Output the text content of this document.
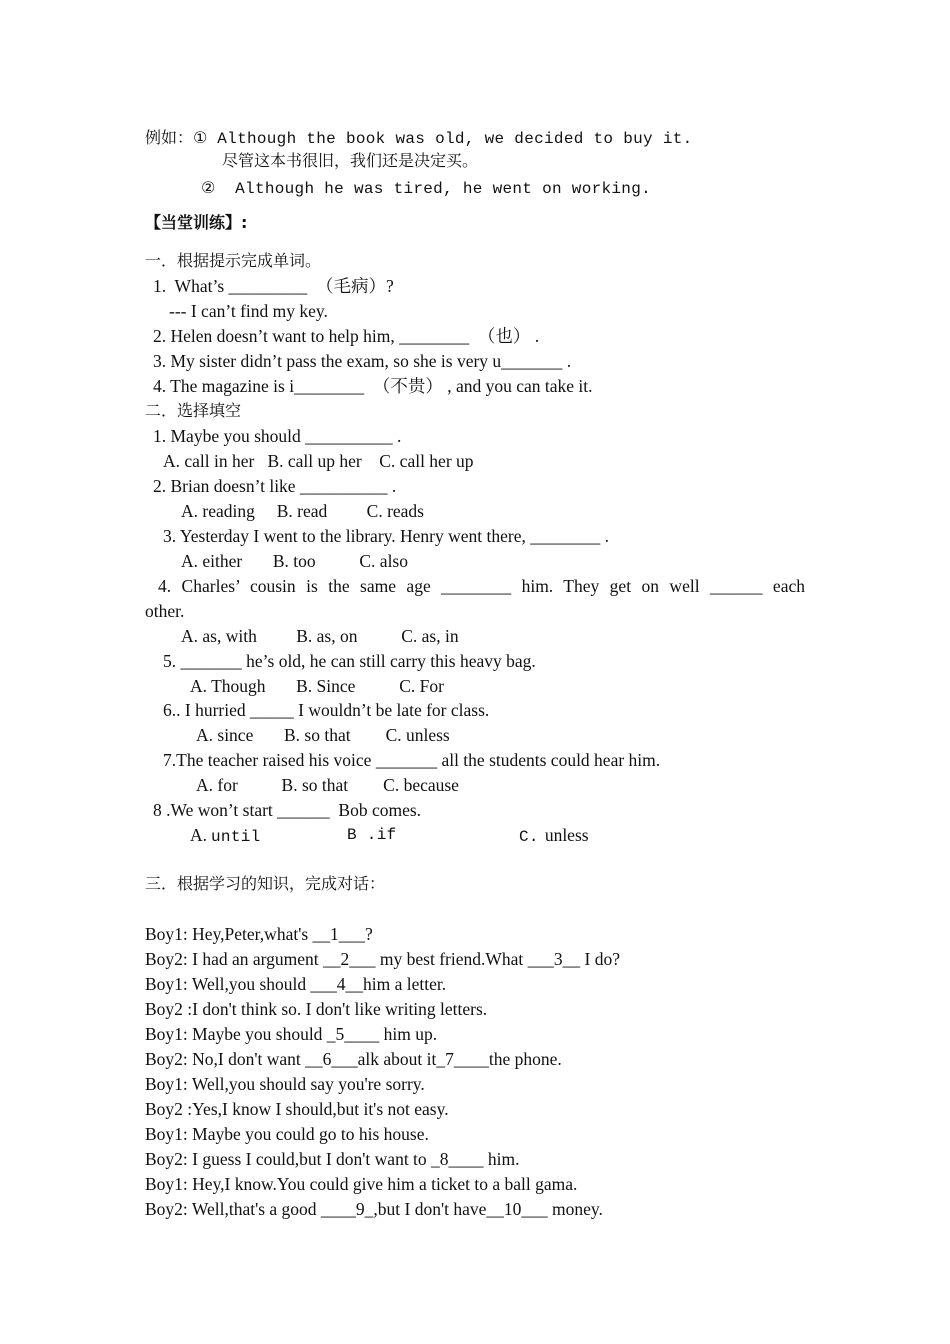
例如：① Although the book was old, we decided to buy it.
尽管这本书很旧，我们还是决定买。
②  Although he was tired, he went on working.
【当堂训练】:
一．根据提示完成单词。
1.  What’s _________  （毛病）?
--- I can’t find my key.
2. Helen doesn’t want to help him, ________  （也） .
3. My sister didn’t pass the exam, so she is very u_______ .
4. The magazine is i________  （不贵） , and you can take it.
二．选择填空
1. Maybe you should __________ .
A. call in her   B. call up her    C. call her up
2. Brian doesn’t like __________ .
A. reading     B. read         C. reads
3. Yesterday I went to the library. Henry went there, ________ .
A. either       B. too          C. also
4. Charles’ cousin is the same age ________ him. They get on well ______ each
other.
A. as, with         B. as, on          C. as, in
5. _______ he’s old, he can still carry this heavy bag.
A. Though       B. Since          C. For
6.. I hurried _____ I wouldn’t be late for class.
A. since       B. so that        C. unless
7.The teacher raised his voice _______ all the students could hear him.
A. for          B. so that        C. because
8 .We won’t start ______  Bob comes.
A. until	B .if	C. unless
三．根据学习的知识，完成对话：
Boy1: Hey,Peter,what's __1___?
Boy2: I had an argument __2___ my best friend.What ___3__ I do?
Boy1: Well,you should ___4__him a letter.
Boy2 :I don't think so. I don't like writing letters.
Boy1: Maybe you should _5____ him up.
Boy2: No,I don't want __6___alk about it_7____the phone.
Boy1: Well,you should say you're sorry.
Boy2 :Yes,I know I should,but it's not easy.
Boy1: Maybe you could go to his house.
Boy2: I guess I could,but I don't want to _8____ him.
Boy1: Hey,I know.You could give him a ticket to a ball gama.
Boy2: Well,that's a good ____9_,but I don't have__10___ money.
